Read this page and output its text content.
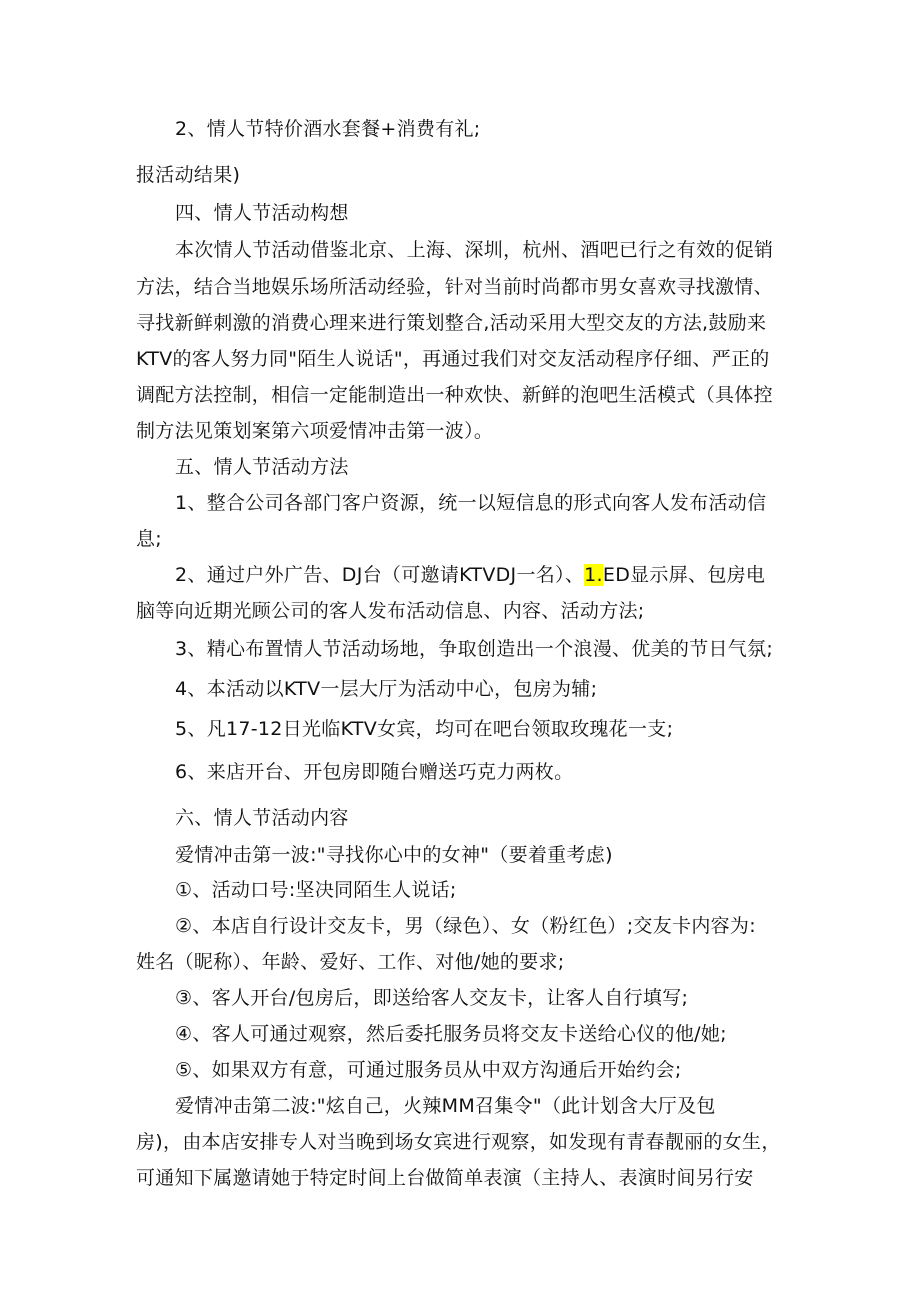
2、情人节特价酒水套餐+消费有礼;
报活动结果)
四、情人节活动构想
本次情人节活动借鉴北京、上海、深圳，杭州、酒吧已行之有效的促销
方法，结合当地娱乐场所活动经验，针对当前时尚都市男女喜欢寻找激情、
寻找新鲜刺激的消费心理来进行策划整合,活动采用大型交友的方法,鼓励来
KTV的客人努力同"陌生人说话"，再通过我们对交友活动程序仔细、严正的
调配方法控制，相信一定能制造出一种欢快、新鲜的泡吧生活模式（具体控
制方法见策划案第六项爱情冲击第一波）。
五、情人节活动方法
1、整合公司各部门客户资源，统一以短信息的形式向客人发布活动信
息;
2、通过户外广告、DJ台（可邀请KTVDJ一名）、1.ED显示屏、包房电
脑等向近期光顾公司的客人发布活动信息、内容、活动方法;
3、精心布置情人节活动场地，争取创造出一个浪漫、优美的节日气氛;
4、本活动以KTV一层大厅为活动中心，包房为辅;
5、凡17-12日光临KTV女宾，均可在吧台领取玫瑰花一支;
6、来店开台、开包房即随台赠送巧克力两枚。
六、情人节活动内容
爱情冲击第一波:"寻找你心中的女神"（要着重考虑)
①、活动口号:坚决同陌生人说话;
②、本店自行设计交友卡，男（绿色）、女（粉红色）;交友卡内容为:
姓名（昵称）、年龄、爱好、工作、对他/她的要求;
③、客人开台/包房后，即送给客人交友卡，让客人自行填写;
④、客人可通过观察，然后委托服务员将交友卡送给心仪的他/她;
⑤、如果双方有意，可通过服务员从中双方沟通后开始约会;
爱情冲击第二波:"炫自己，火辣MM召集令"（此计划含大厅及包
房)，由本店安排专人对当晚到场女宾进行观察，如发现有青春靓丽的女生，
可通知下属邀请她于特定时间上台做简单表演（主持人、表演时间另行安
